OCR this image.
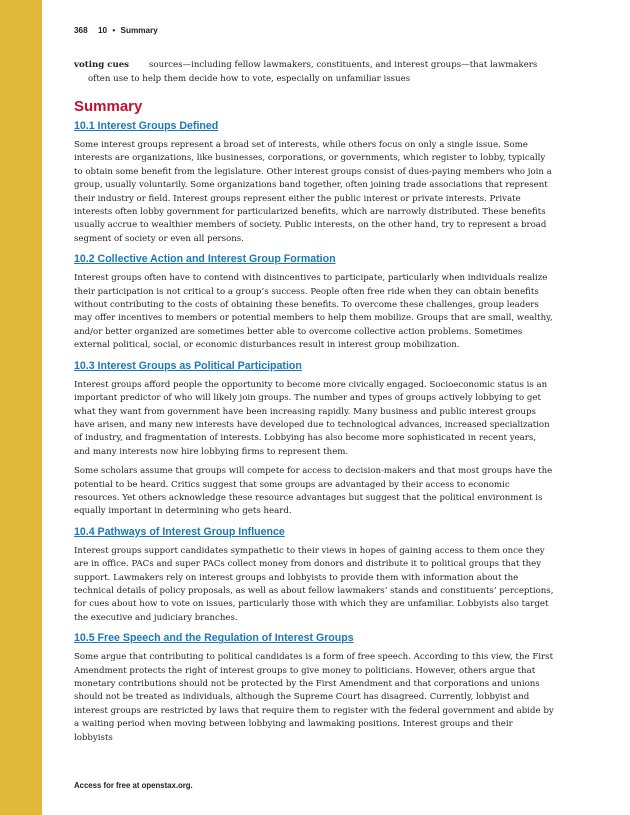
368 10 • Summary

voting cues sources—including fellow lawmakers, constituents, and interest groups—that lawmakers often use to help them decide how to vote, especially on unfamiliar issues

Summary
10.1 Interest Groups Defined

Some interest groups represent a broad set of interests, while others focus on only a single issue. Some interests are organizations, like businesses, corporations, or governments, which register to lobby, typically to obtain some benefit from the legislature. Other interest groups consist of dues-paying members who join a group, usually voluntarily. Some organizations band together, often joining trade associations that represent their industry or field. Interest groups represent either the public interest or private interests. Private interests often lobby government for particularized benefits, which are narrowly distributed. These benefits usually accrue to wealthier members of society. Public interests, on the other hand, try to represent a broad segment of society or even all persons.

10.2 Collective Action and Interest Group Formation

Interest groups often have to contend with disincentives to participate, particularly when individuals realize their participation is not critical to a group’s success. People often free ride when they can obtain benefits without contributing to the costs of obtaining these benefits. To overcome these challenges, group leaders may offer incentives to members or potential members to help them mobilize. Groups that are small, wealthy, and/or better organized are sometimes better able to overcome collective action problems. Sometimes external political, social, or economic disturbances result in interest group mobilization.

10.3 Interest Groups as Political Participation

Interest groups afford people the opportunity to become more civically engaged. Socioeconomic status is an important predictor of who will likely join groups. The number and types of groups actively lobbying to get what they want from government have been increasing rapidly. Many business and public interest groups have arisen, and many new interests have developed due to technological advances, increased specialization of industry, and fragmentation of interests. Lobbying has also become more sophisticated in recent years, and many interests now hire lobbying firms to represent them.

Some scholars assume that groups will compete for access to decision-makers and that most groups have the potential to be heard. Critics suggest that some groups are advantaged by their access to economic resources. Yet others acknowledge these resource advantages but suggest that the political environment is equally important in determining who gets heard.

10.4 Pathways of Interest Group Influence

Interest groups support candidates sympathetic to their views in hopes of gaining access to them once they are in office. PACs and super PACs collect money from donors and distribute it to political groups that they support. Lawmakers rely on interest groups and lobbyists to provide them with information about the technical details of policy proposals, as well as about fellow lawmakers’ stands and constituents’ perceptions, for cues about how to vote on issues, particularly those with which they are unfamiliar. Lobbyists also target the executive and judiciary branches.

10.5 Free Speech and the Regulation of Interest Groups

Some argue that contributing to political candidates is a form of free speech. According to this view, the First Amendment protects the right of interest groups to give money to politicians. However, others argue that monetary contributions should not be protected by the First Amendment and that corporations and unions should not be treated as individuals, although the Supreme Court has disagreed. Currently, lobbyist and interest groups are restricted by laws that require them to register with the federal government and abide by a waiting period when moving between lobbying and lawmaking positions. Interest groups and their lobbyists

Access for free at openstax.org.
